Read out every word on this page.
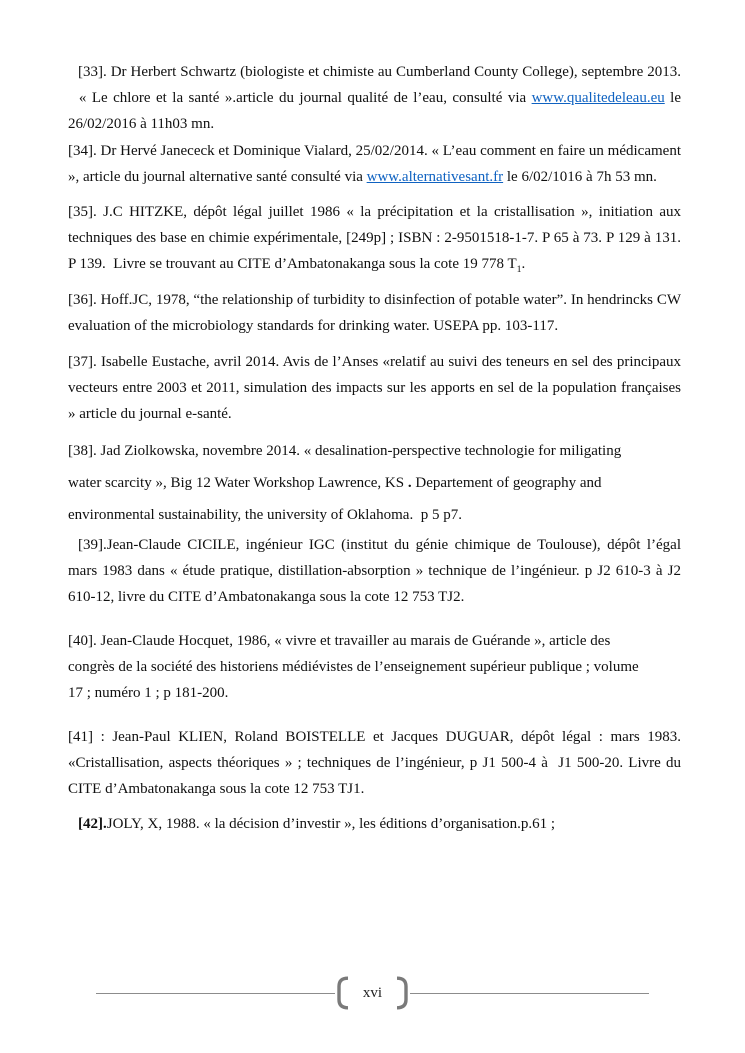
[33]. Dr Herbert Schwartz (biologiste et chimiste au Cumberland County College), septembre 2013.   « Le chlore et la santé ».article du journal qualité de l’eau, consulté via www.qualitedeleau.eu le 26/02/2016 à 11h03 mn.

[34]. Dr Hervé Janececk et Dominique Vialard, 25/02/2014. « L’eau comment en faire un médicament », article du journal alternative santé consulté via www.alternativesant.fr le 6/02/1016 à 7h 53 mn.

[35]. J.C HITZKE, dépôt légal juillet 1986 « la précipitation et la cristallisation », initiation aux techniques des base en chimie expérimentale, [249p] ; ISBN : 2-9501518-1-7. P 65 à 73. P 129 à 131. P 139.  Livre se trouvant au CITE d’Ambatonakanga sous la cote 19 778 $T_1$.

[36]. Hoff.JC, 1978, “the relationship of turbidity to disinfection of potable water”. In hendrincks CW evaluation of the microbiology standards for drinking water. USEPA pp. 103-117.

[37]. Isabelle Eustache, avril 2014. Avis de l’Anses «relatif au suivi des teneurs en sel des principaux vecteurs entre 2003 et 2011, simulation des impacts sur les apports en sel de la population françaises » article du journal e-santé.

[38]. Jad Ziolkowska, novembre 2014. « desalination-perspective technologie for miligating
water scarcity », Big 12 Water Workshop Lawrence, KS . Departement of geography and
environmental sustainability, the university of Oklahoma.  p 5 p7.

[39].Jean-Claude CICILE, ingénieur IGC (institut du génie chimique de Toulouse), dépôt l’égal mars 1983 dans « étude pratique, distillation-absorption » technique de l’ingénieur. p J2 610-3 à J2 610-12, livre du CITE d’Ambatonakanga sous la cote 12 753 TJ2.

[40]. Jean-Claude Hocquet, 1986, « vivre et travailler au marais de Guérande », article des
congrès de la société des historiens médiévistes de l’enseignement supérieur publique ; volume
17 ; numéro 1 ; p 181-200.

[41] : Jean-Paul KLIEN, Roland BOISTELLE et Jacques DUGUAR, dépôt légal : mars 1983. «Cristallisation, aspects théoriques » ; techniques de l’ingénieur, p J1 500-4 à  J1 500-20. Livre du CITE d’Ambatonakanga sous la cote 12 753 TJ1.

[42].JOLY, X, 1988. « la décision d’investir », les éditions d’organisation.p.61 ;

xvi
